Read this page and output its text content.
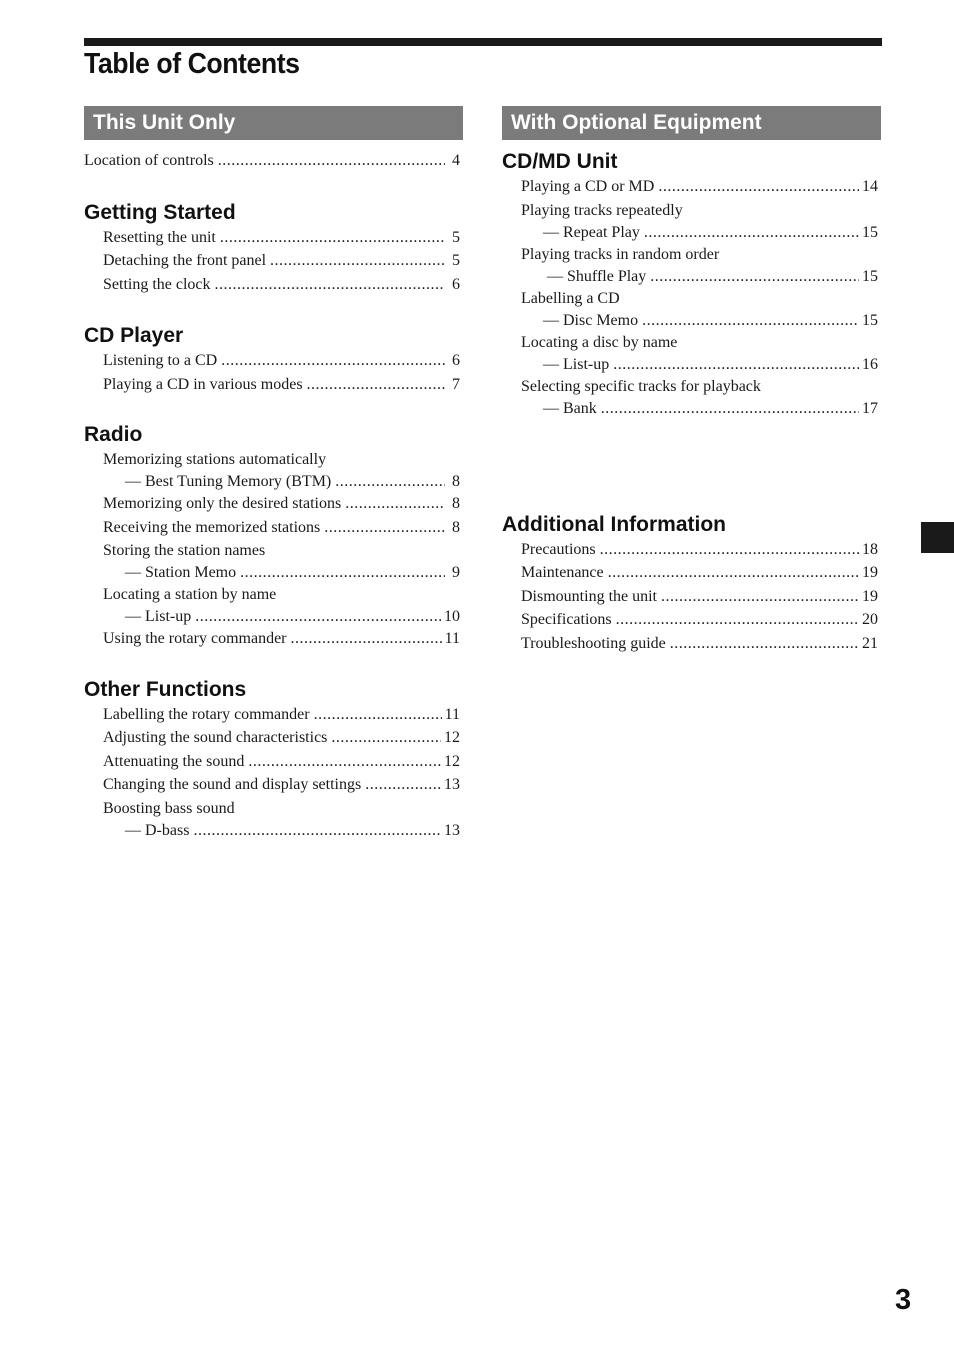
Table of Contents
This Unit Only
Location of controls .....	4
Getting Started
Resetting the unit .....	5
Detaching the front panel .....	5
Setting the clock .....	6
CD Player
Listening to a CD .....	6
Playing a CD in various modes .....	7
Radio
Memorizing stations automatically
— Best Tuning Memory (BTM) .....	8
Memorizing only the desired stations .....	8
Receiving the memorized stations .....	8
Storing the station names
— Station Memo .....	9
Locating a station by name
— List-up .....	10
Using the rotary commander .....	11
Other Functions
Labelling the rotary commander .....	11
Adjusting the sound characteristics .....	12
Attenuating the sound .....	12
Changing the sound and display settings .....	13
Boosting bass sound
— D-bass .....	13
With Optional Equipment
CD/MD Unit
Playing a CD or MD .....	14
Playing tracks repeatedly
— Repeat Play .....	15
Playing tracks in random order
— Shuffle Play .....	15
Labelling a CD
— Disc Memo .....	15
Locating a disc by name
— List-up .....	16
Selecting specific tracks for playback
— Bank .....	17
Additional Information
Precautions .....	18
Maintenance .....	19
Dismounting the unit .....	19
Specifications .....	20
Troubleshooting guide .....	21
3
